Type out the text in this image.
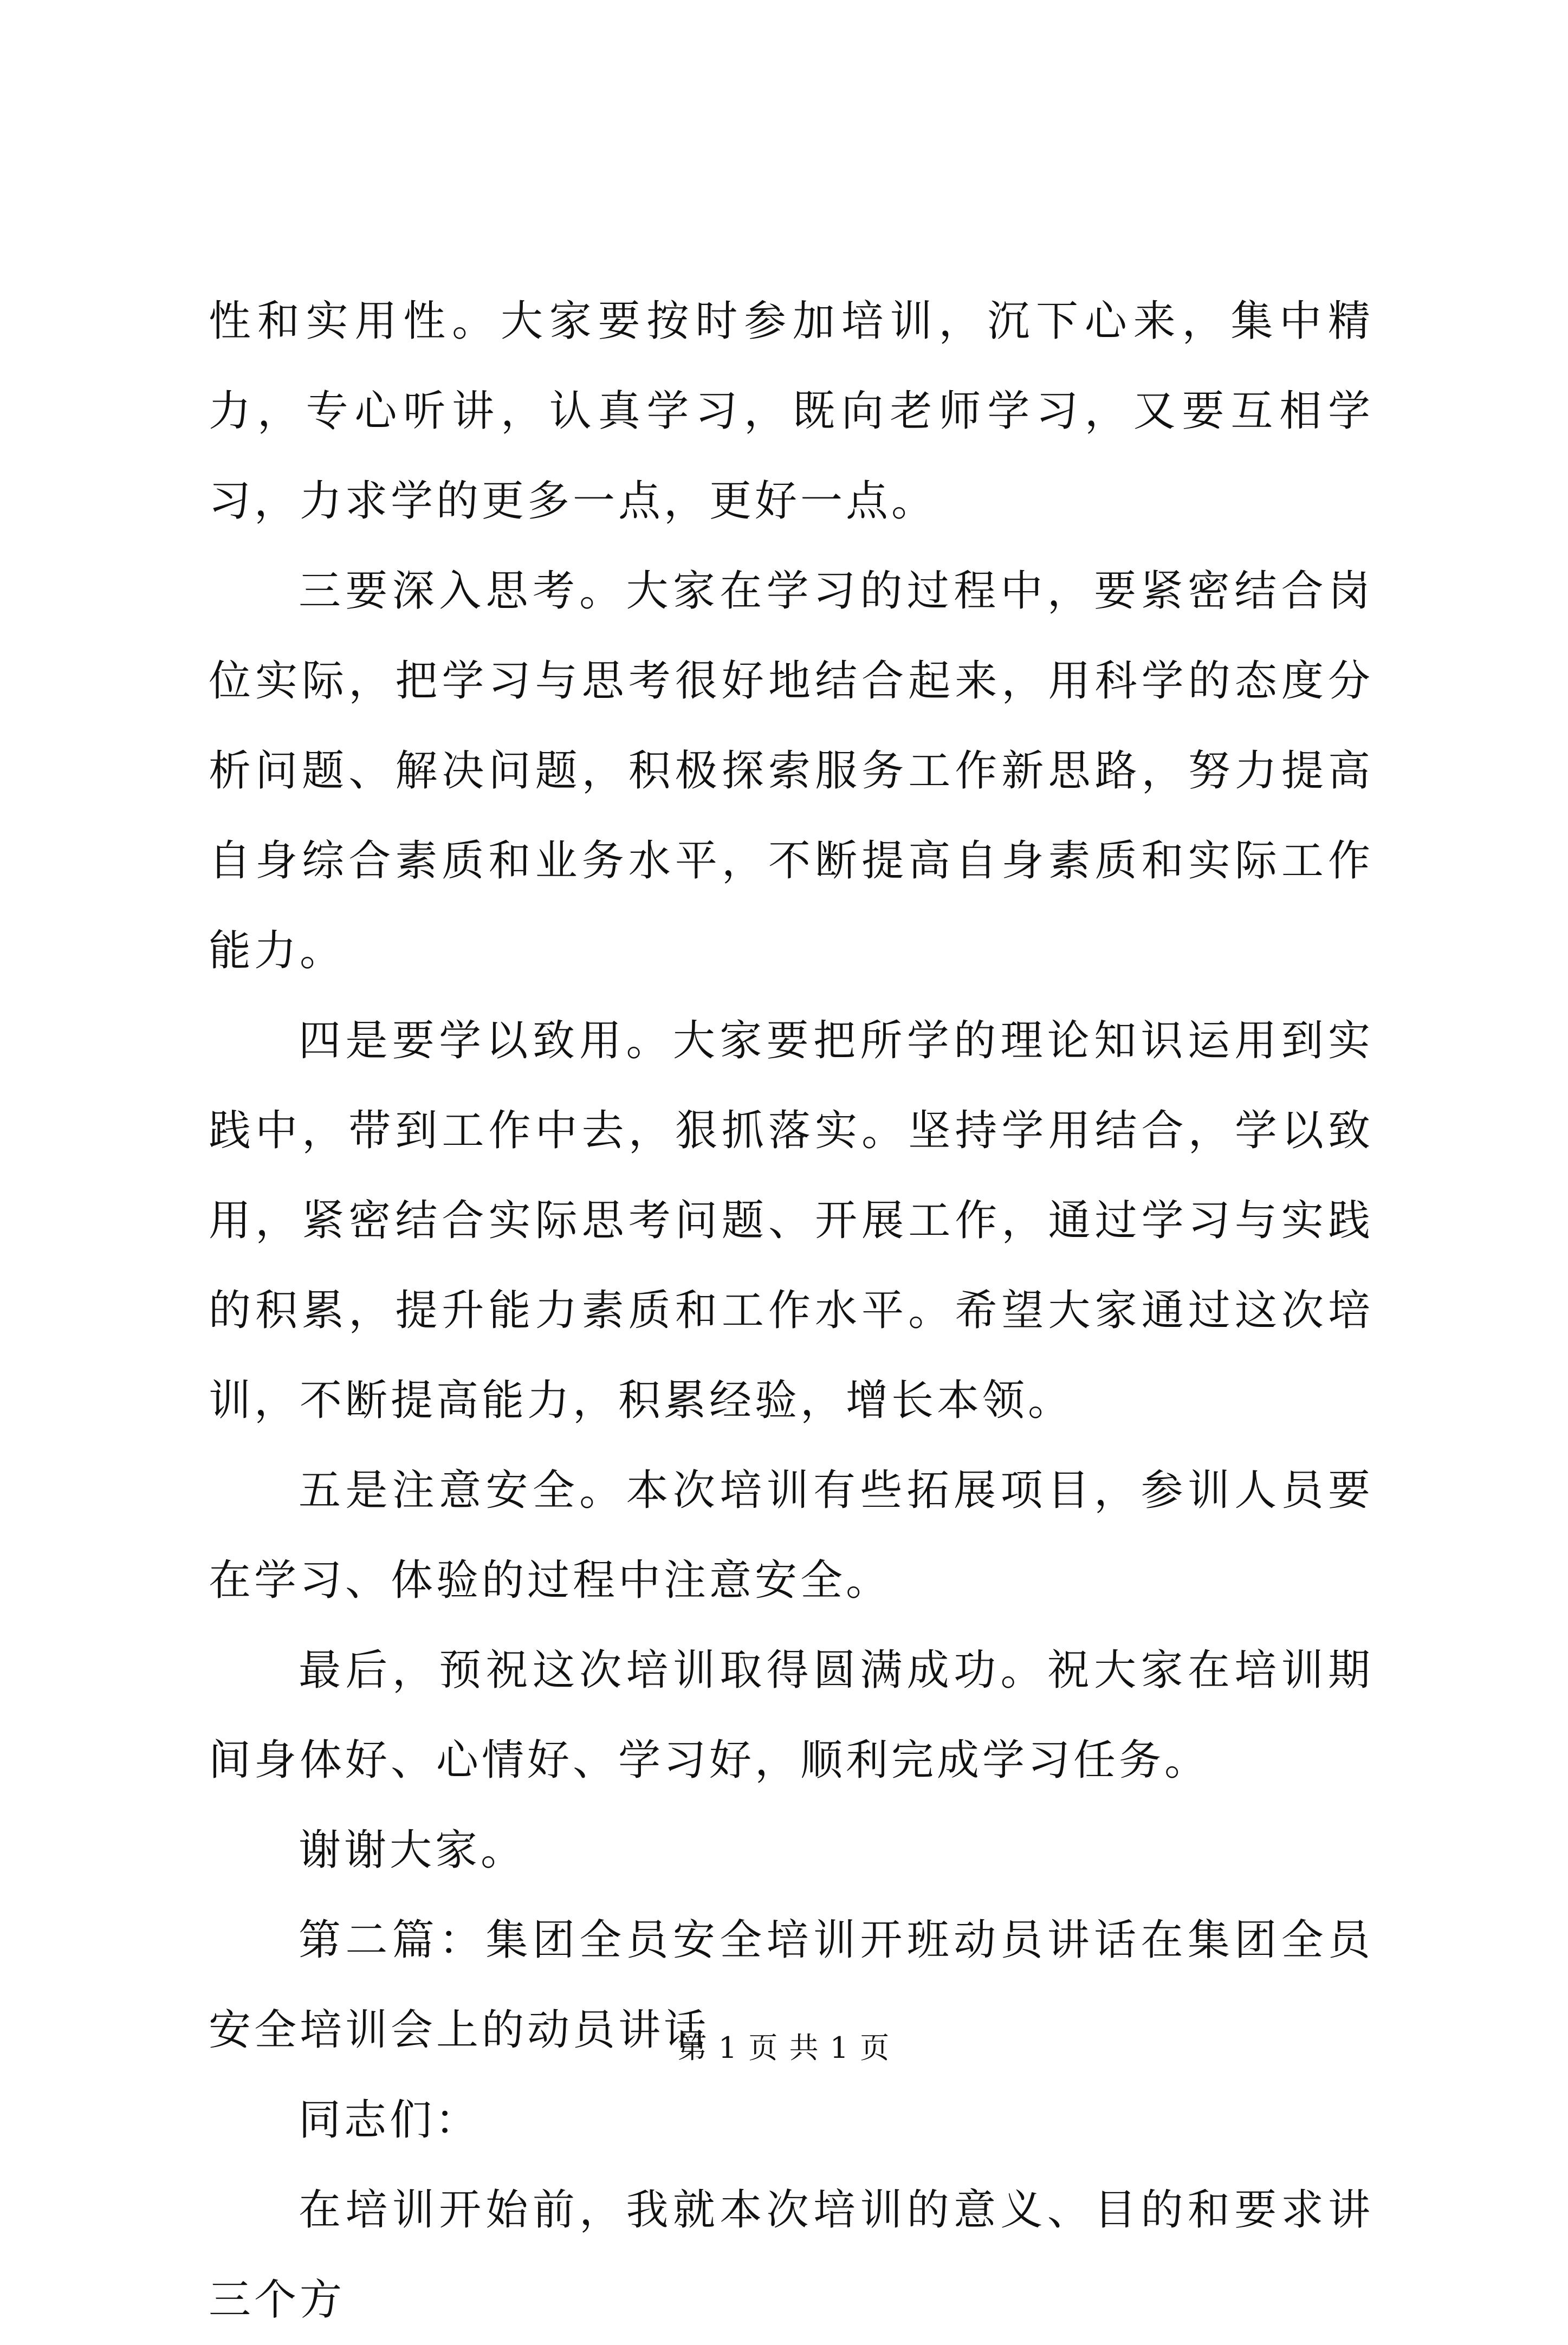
性和实用性。大家要按时参加培训，沉下心来，集中精力，专心听讲，认真学习，既向老师学习，又要互相学习，力求学的更多一点，更好一点。

三要深入思考。大家在学习的过程中，要紧密结合岗位实际，把学习与思考很好地结合起来，用科学的态度分析问题、解决问题，积极探索服务工作新思路，努力提高自身综合素质和业务水平，不断提高自身素质和实际工作能力。

四是要学以致用。大家要把所学的理论知识运用到实践中，带到工作中去，狠抓落实。坚持学用结合，学以致用，紧密结合实际思考问题、开展工作，通过学习与实践的积累，提升能力素质和工作水平。希望大家通过这次培训，不断提高能力，积累经验，增长本领。

五是注意安全。本次培训有些拓展项目，参训人员要在学习、体验的过程中注意安全。

最后，预祝这次培训取得圆满成功。祝大家在培训期间身体好、心情好、学习好，顺利完成学习任务。

谢谢大家。

第二篇：集团全员安全培训开班动员讲话在集团全员安全培训会上的动员讲话

同志们：

在培训开始前，我就本次培训的意义、目的和要求讲三个方

第 1 页 共 1 页
